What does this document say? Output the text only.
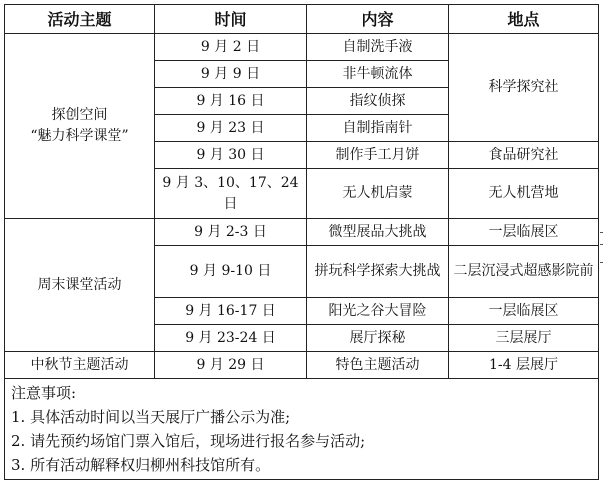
活动主题	时间	内容	地点

探创空间
“魅力科学课堂”	9 月 2 日	自制洗手液	科学探究社
	9 月 9 日	非牛顿流体	
	9 月 16 日	指纹侦探	
	9 月 23 日	自制指南针	
	9 月 30 日	制作手工月饼	食品研究社
	9 月 3、10、17、24 日	无人机启蒙	无人机营地
周末课堂活动	9 月 2-3 日	微型展品大挑战	一层临展区
	9 月 9-10 日	拼玩科学探索大挑战	二层沉浸式超感影院前
	9 月 16-17 日	阳光之谷大冒险	一层临展区
	9 月 23-24 日	展厅探秘	三层展厅
中秋节主题活动	9 月 29 日	特色主题活动	1-4 层展厅

注意事项:
1. 具体活动时间以当天展厅广播公示为准;
2. 请先预约场馆门票入馆后，现场进行报名参与活动;
3. 所有活动解释权归柳州科技馆所有。			
